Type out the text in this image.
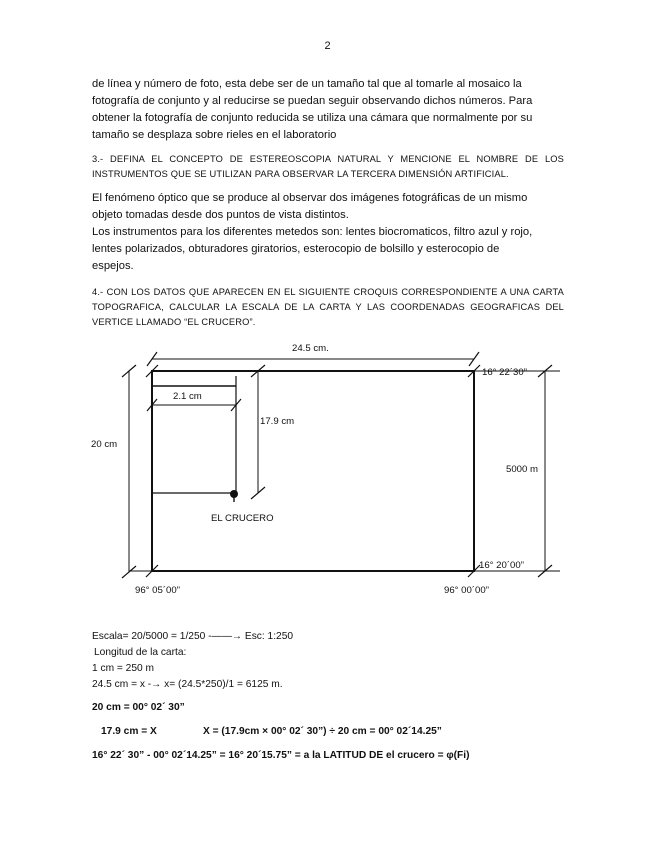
2
de línea y número de foto, esta debe ser de un tamaño tal que al tomarle al mosaico la
fotografía de conjunto y al reducirse se puedan seguir observando dichos números. Para
obtener la fotografía de conjunto reducida se utiliza una cámara que normalmente por su
tamaño se desplaza sobre rieles en el laboratorio
3.- DEFINA EL CONCEPTO DE ESTEREOSCOPIA NATURAL Y MENCIONE EL NOMBRE DE LOS INSTRUMENTOS QUE SE UTILIZAN PARA OBSERVAR LA TERCERA DIMENSIÓN ARTIFICIAL.
El fenómeno óptico que se produce al observar dos imágenes fotográficas de un mismo
objeto tomadas desde dos puntos de vista distintos.
Los instrumentos para los diferentes metedos son: lentes biocromaticos, filtro azul y rojo,
lentes polarizados, obturadores giratorios, esterocopio de bolsillo y esterocopio de
espejos.
4.- CON LOS DATOS QUE APARECEN EN EL SIGUIENTE CROQUIS CORRESPONDIENTE A UNA CARTA TOPOGRAFICA, CALCULAR LA ESCALA DE LA CARTA Y LAS COORDENADAS GEOGRAFICAS DEL VERTICE LLAMADO “EL CRUCERO”.
24.5 cm.
20 cm
2.1 cm
17.9 cm
EL CRUCERO
5000 m
16° 22´30”
16° 20´00”
96° 05´00”	96° 00´00”
Escala= 20/5000 = 1/250 -——→ Esc: 1:250
Longitud de la carta:
1 cm = 250 m
24.5 cm = x -→ x= (24.5*250)/1 = 6125 m.
20 cm = 00° 02´ 30”
17.9 cm = X	X = (17.9cm × 00° 02´ 30”) ÷ 20 cm = 00° 02´14.25”
16° 22´ 30” - 00° 02´14.25” = 16° 20´15.75” = a la LATITUD DE el crucero = φ(Fi)
